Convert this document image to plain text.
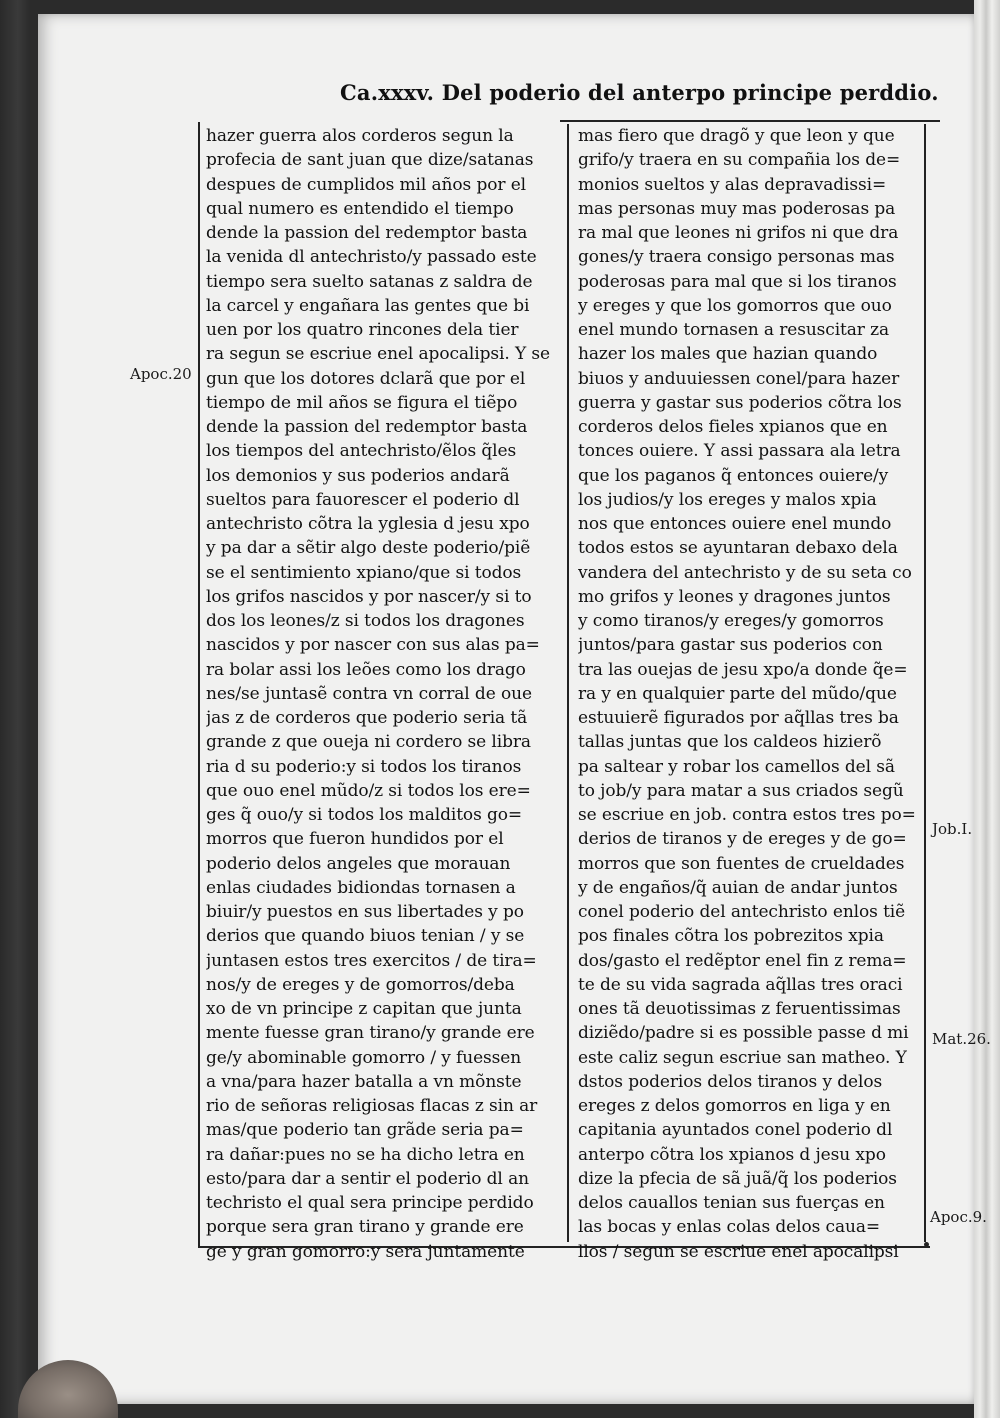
Ca.xxxv. Del poderio del anterpo principe perddio.
hazer guerra alos corderos segun la
profecia de sant juan que dize/satanas
despues de cumplidos mil años por el
qual numero es entendido el tiempo
dende la passion del redemptor basta
la venida dl antechristo/y passado este
tiempo sera suelto satanas z saldra de
la carcel y engañara las gentes que bi
uen por los quatro rincones dela tier
ra segun se escriue enel apocalipsi. Y se
gun que los dotores dclarã que por el
tiempo de mil años se figura el tiẽpo
dende la passion del redemptor basta
los tiempos del antechristo/ẽlos q̃les
los demonios y sus poderios andarã
sueltos para fauorescer el poderio dl
antechristo cõtra la yglesia d jesu xpo
y pa dar a sẽtir algo deste poderio/piẽ
se el sentimiento xpiano/que si todos
los grifos nascidos y por nascer/y si to
dos los leones/z si todos los dragones
nascidos y por nascer con sus alas pa=
ra bolar assi los leões como los drago
nes/se juntasẽ contra vn corral de oue
jas z de corderos que poderio seria tã
grande z que oueja ni cordero se libra
ria d su poderio:y si todos los tiranos
que ouo enel mũdo/z si todos los ere=
ges q̃ ouo/y si todos los malditos go=
morros que fueron hundidos por el
poderio delos angeles que morauan
enlas ciudades bidiondas tornasen a
biuir/y puestos en sus libertades y po
derios que quando biuos tenian / y se
juntasen estos tres exercitos / de tira=
nos/y de ereges y de gomorros/deba
xo de vn principe z capitan que junta
mente fuesse gran tirano/y grande ere
ge/y abominable gomorro / y fuessen
a vna/para hazer batalla a vn mõnste
rio de señoras religiosas flacas z sin ar
mas/que poderio tan grãde seria pa=
ra dañar:pues no se ha dicho letra en
esto/para dar a sentir el poderio dl an
techristo el qual sera principe perdido
porque sera gran tirano y grande ere
ge y gran gomorro:y sera juntamente
mas fiero que dragõ y que leon y que
grifo/y traera en su compañia los de=
monios sueltos y alas depravadissi=
mas personas muy mas poderosas pa
ra mal que leones ni grifos ni que dra
gones/y traera consigo personas mas
poderosas para mal que si los tiranos
y ereges y que los gomorros que ouo
enel mundo tornasen a resuscitar za
hazer los males que hazian quando
biuos y anduuiessen conel/para hazer
guerra y gastar sus poderios cõtra los
corderos delos fieles xpianos que en
tonces ouiere. Y assi passara ala letra
que los paganos q̃ entonces ouiere/y
los judios/y los ereges y malos xpia
nos que entonces ouiere enel mundo
todos estos se ayuntaran debaxo dela
vandera del antechristo y de su seta co
mo grifos y leones y dragones juntos
y como tiranos/y ereges/y gomorros
juntos/para gastar sus poderios con
tra las ouejas de jesu xpo/a donde q̃e=
ra y en qualquier parte del mũdo/que
estuuierẽ figurados por aq̃llas tres ba
tallas juntas que los caldeos hizierõ
pa saltear y robar los camellos del sã
to job/y para matar a sus criados segũ
se escriue en job. contra estos tres po=
derios de tiranos y de ereges y de go=
morros que son fuentes de crueldades
y de engaños/q̃ auian de andar juntos
conel poderio del antechristo enlos tiẽ
pos finales cõtra los pobrezitos xpia
dos/gasto el redẽptor enel fin z rema=
te de su vida sagrada aq̃llas tres oraci
ones tã deuotissimas z feruentissimas
diziẽdo/padre si es possible passe d mi
este caliz segun escriue san matheo. Y
dstos poderios delos tiranos y delos
ereges z delos gomorros en liga y en
capitania ayuntados conel poderio dl
anterpo cõtra los xpianos d jesu xpo
dize la pfecia de sã juã/q̃ los poderios
delos cauallos tenian sus fuerças en
las bocas y enlas colas delos caua=
llos / segun se escriue enel apocalipsi
Apoc.20
Job.I.
Mat.26.
Apoc.9.
